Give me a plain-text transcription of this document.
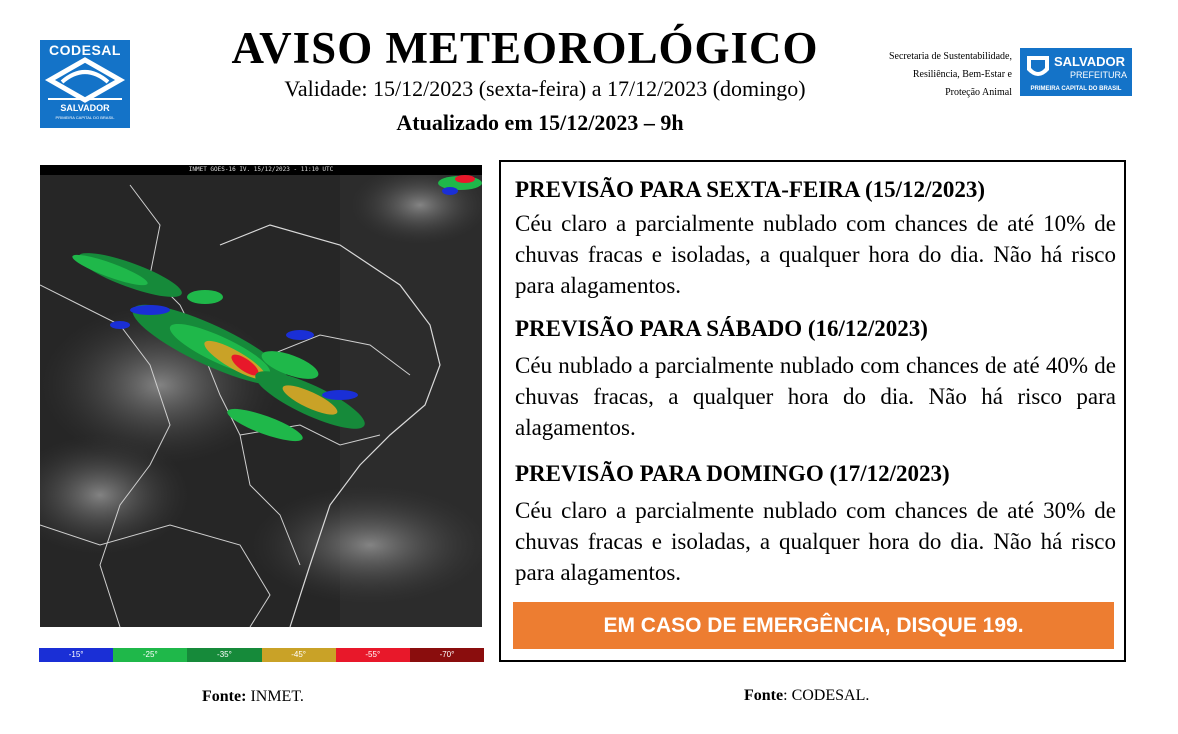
CODESAL
SALVADOR
PRIMEIRA CAPITAL DO BRASIL
AVISO METEOROLÓGICO
Validade: 15/12/2023 (sexta-feira) a 17/12/2023 (domingo)
Atualizado em 15/12/2023 – 9h
Secretaria de Sustentabilidade,
Resiliência, Bem-Estar e
Proteção Animal
SALVADOR
PREFEITURA
PRIMEIRA CAPITAL DO BRASIL
INMET GOES-16 IV. 15/12/2023 - 11:10 UTC
-15°	-25°	-35°	-45°	-55°	-70°
PREVISÃO PARA SEXTA-FEIRA (15/12/2023)

Céu claro a parcialmente nublado com chances de até 10% de chuvas fracas e isoladas, a qualquer hora do dia. Não há risco para alagamentos.

PREVISÃO PARA SÁBADO (16/12/2023)

Céu nublado a parcialmente nublado com chances de até 40% de chuvas fracas, a qualquer hora do dia. Não há risco para alagamentos.

PREVISÃO PARA DOMINGO (17/12/2023)

Céu claro a parcialmente nublado com chances de até 30% de chuvas fracas e isoladas, a qualquer hora do dia. Não há risco para alagamentos.

EM CASO DE EMERGÊNCIA, DISQUE 199.
Fonte: INMET.	Fonte: CODESAL.
